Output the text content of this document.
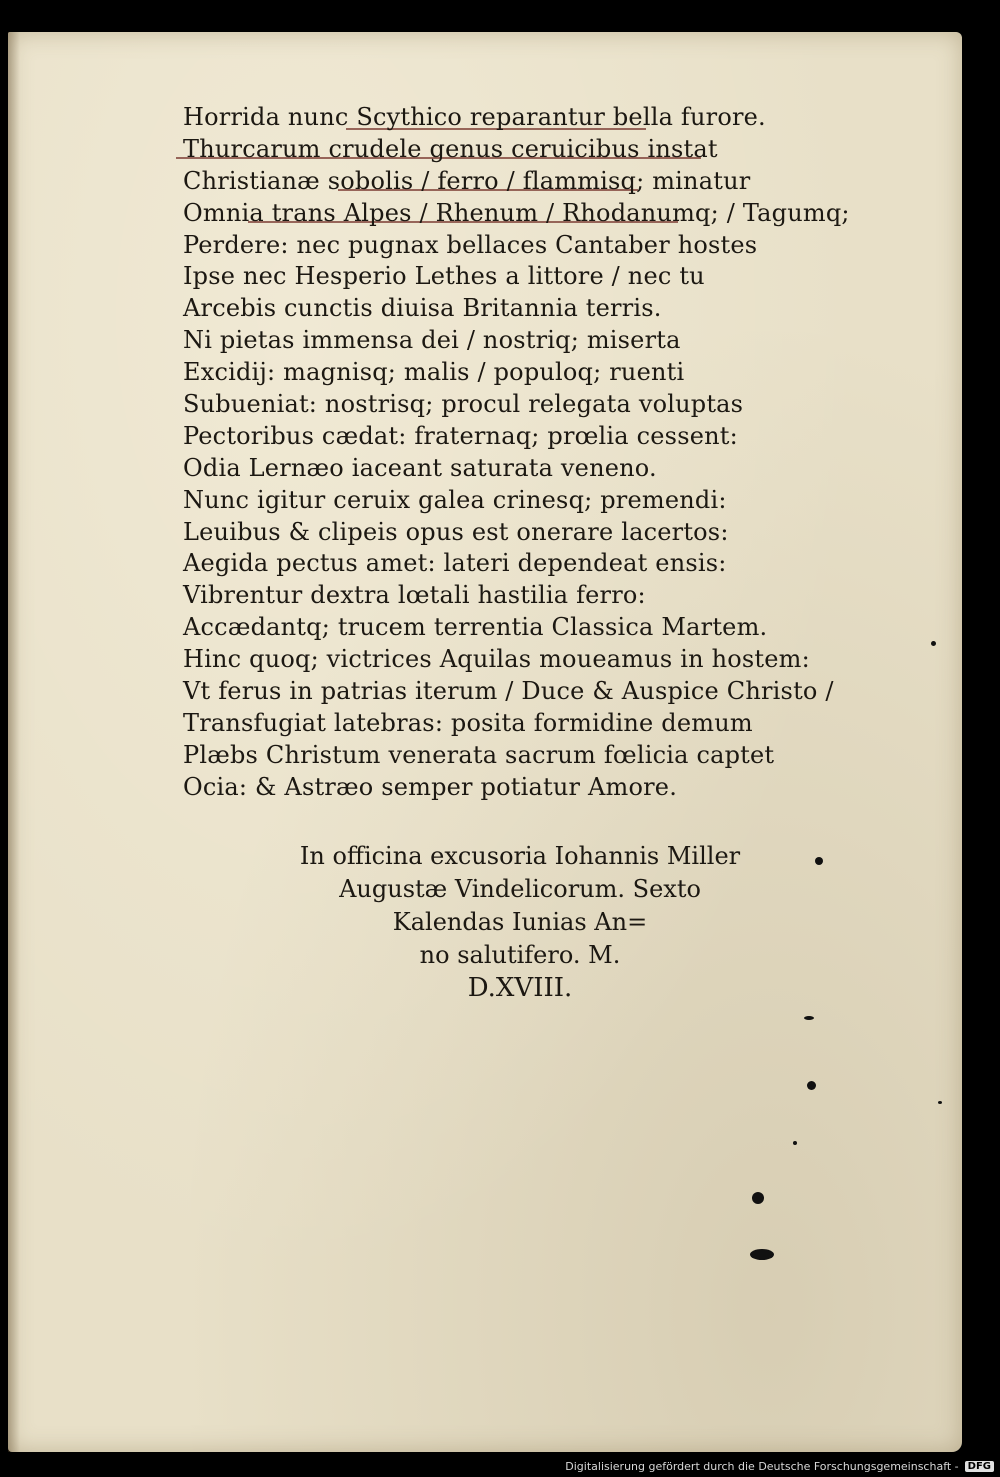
Horrida nunc Scythico reparantur bella furore.
Thurcarum crudele genus ceruicibus instat
Christianæ sobolis / ferro / flammisq; minatur
Omnia trans Alpes / Rhenum / Rhodanumq; / Tagumq;
Perdere: nec pugnax bellaces Cantaber hostes
Ipse nec Hesperio Lethes a littore / nec tu
Arcebis cunctis diuisa Britannia terris.
Ni pietas immensa dei / nostriq; miserta
Excidij: magnisq; malis / populoq; ruenti
Subueniat: nostrisq; procul relegata voluptas
Pectoribus cædat: fraternaq; prœlia cessent:
Odia Lernæo iaceant saturata veneno.
Nunc igitur ceruix galea crinesq; premendi:
Leuibus & clipeis opus est onerare lacertos:
Aegida pectus amet: lateri dependeat ensis:
Vibrentur dextra lœtali hastilia ferro:
Accædantq; trucem terrentia Classica Martem.
Hinc quoq; victrices Aquilas moueamus in hostem:
Vt ferus in patrias iterum / Duce & Auspice Christo /
Transfugiat latebras: posita formidine demum
Plæbs Christum venerata sacrum fœlicia captet
Ocia: & Astræo semper potiatur Amore.
In officina excusoria Iohannis Miller
Augustæ Vindelicorum. Sexto
Kalendas Iunias An=
no salutifero. M.
D.XVIII.
Digitalisierung gefördert durch die Deutsche Forschungsgemeinschaft - DFG
